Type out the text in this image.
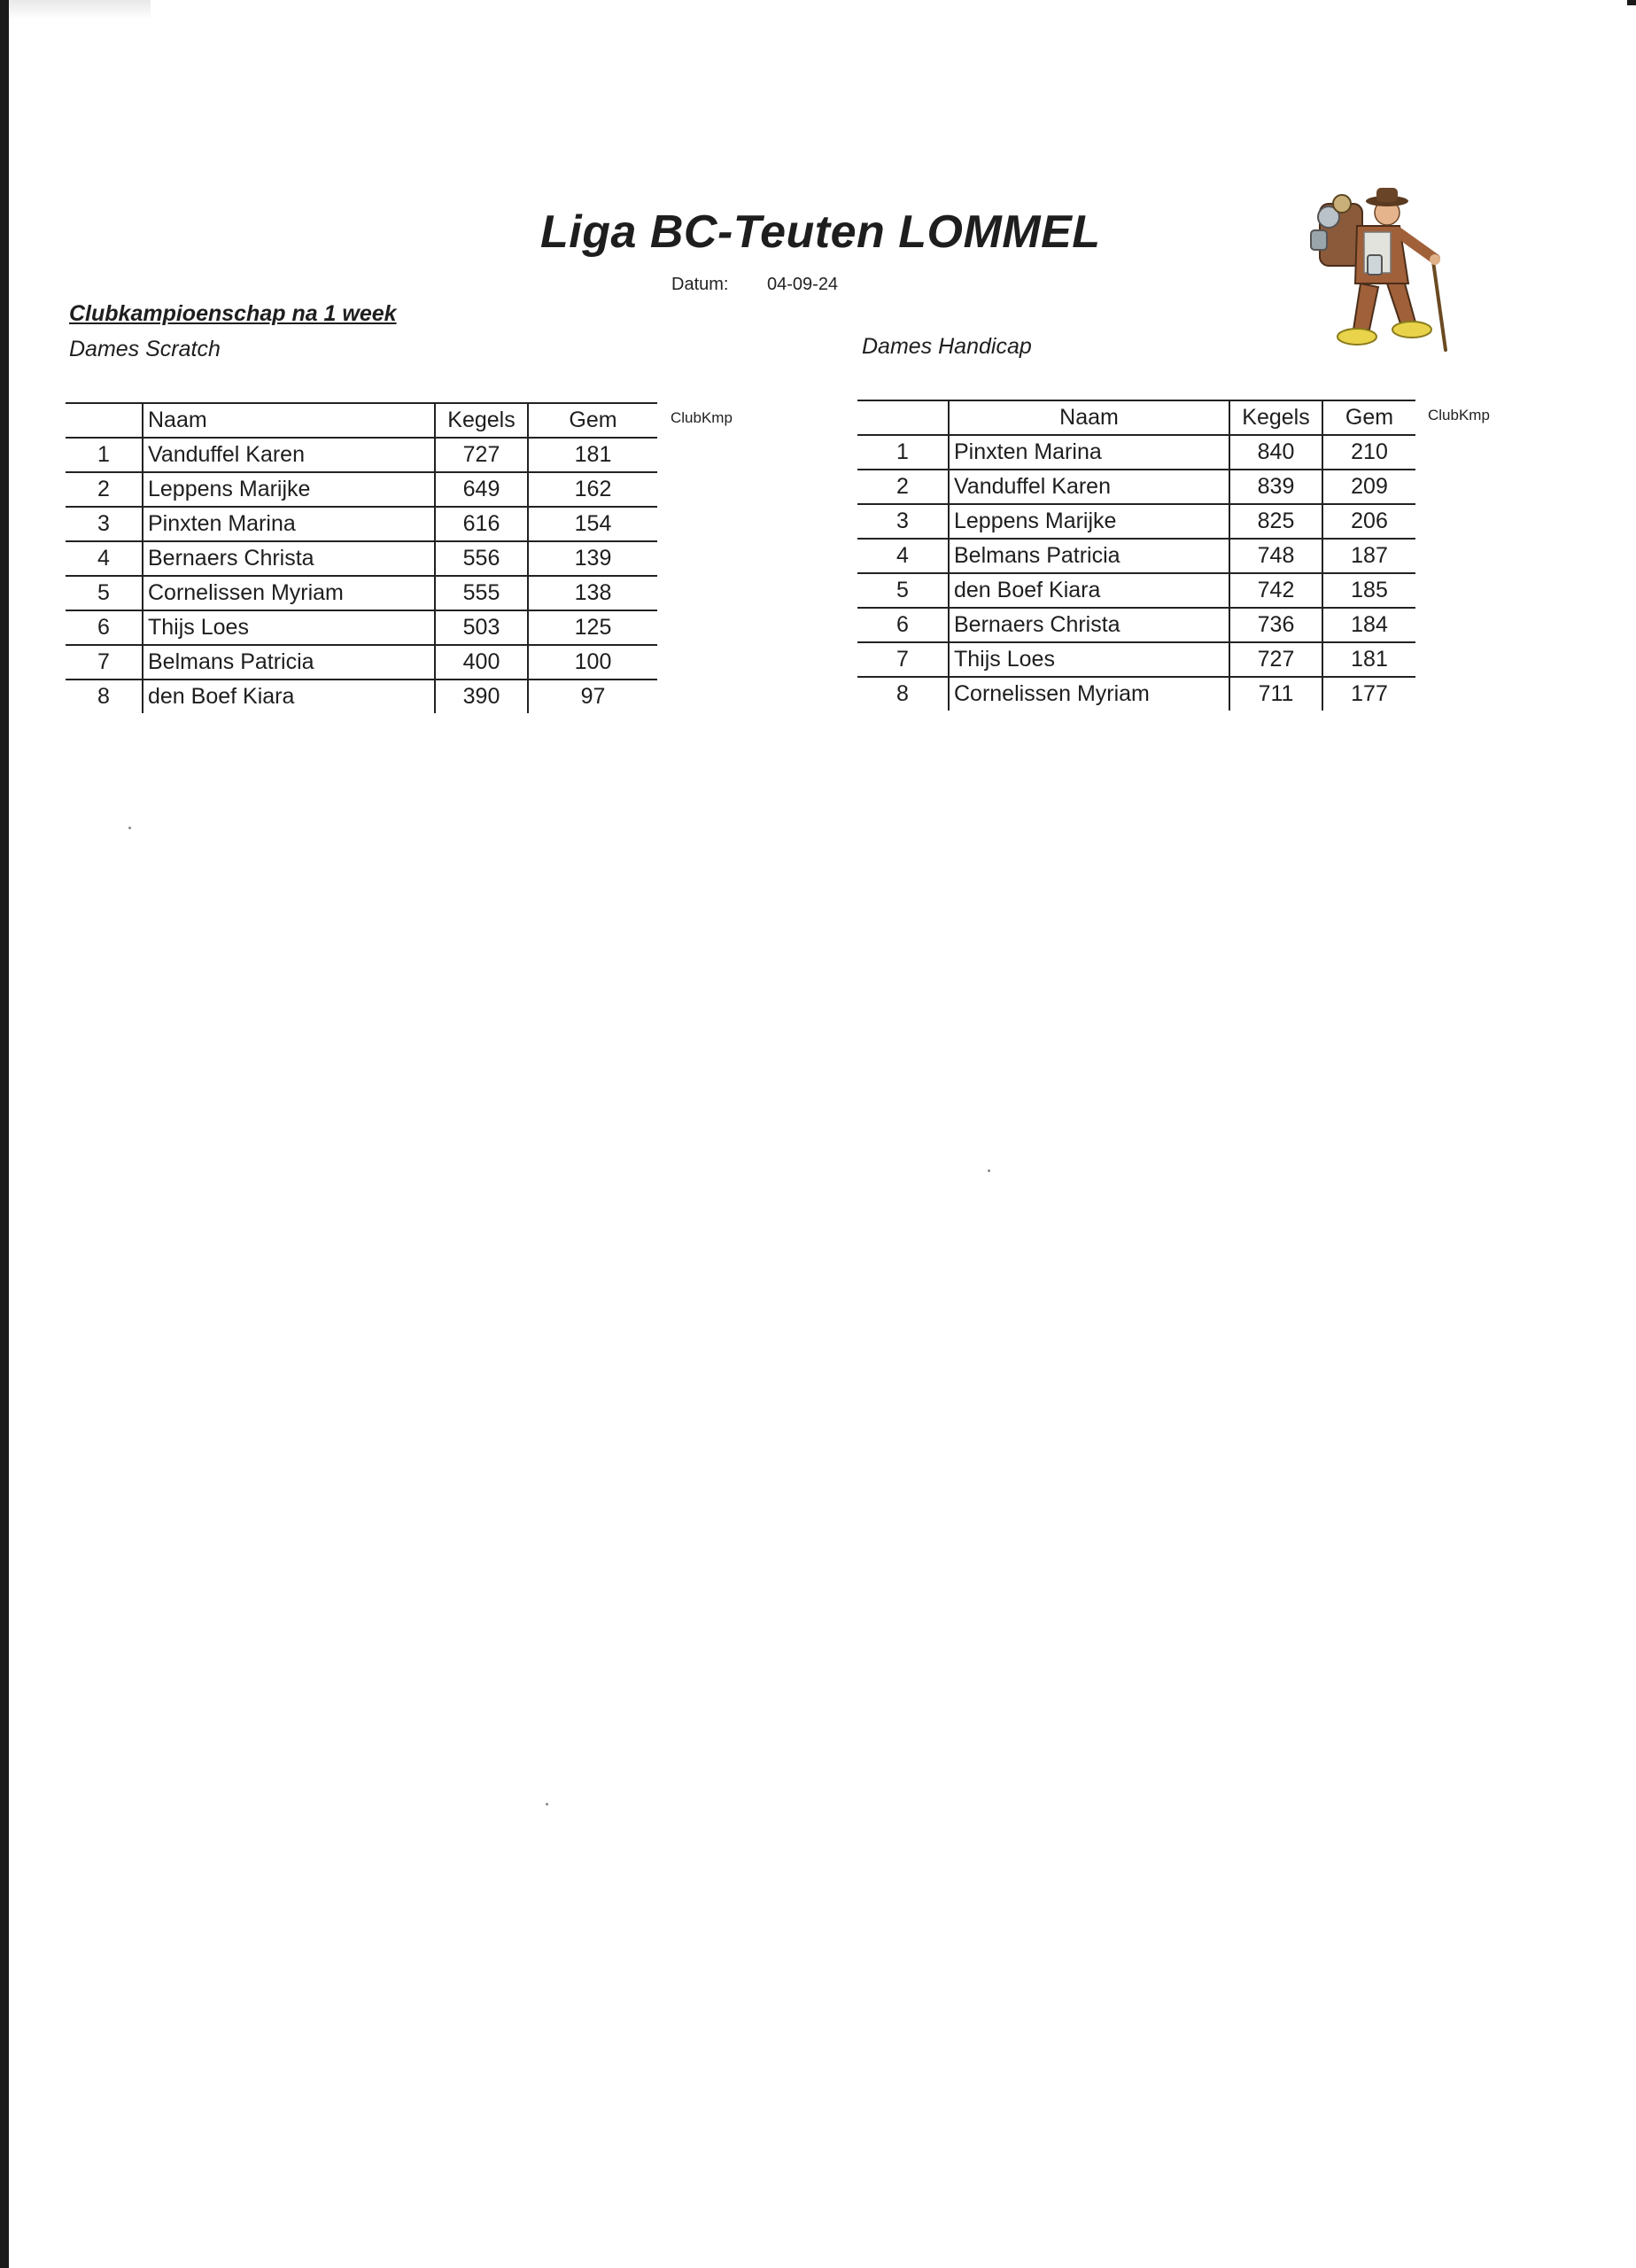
Liga BC-Teuten LOMMEL
Datum: 04-09-24
Clubkampioenschap na 1 week
Dames Scratch	Dames Handicap
	Naam	Kegels	Gem
1	Vanduffel Karen	727	181
2	Leppens Marijke	649	162
3	Pinxten Marina	616	154
4	Bernaers Christa	556	139
5	Cornelissen Myriam	555	138
6	Thijs Loes	503	125
7	Belmans Patricia	400	100
8	den Boef Kiara	390	97
ClubKmp
		Naam	Kegels	Gem
1	Pinxten Marina	840	210
2	Vanduffel Karen	839	209
3	Leppens Marijke	825	206
4	Belmans Patricia	748	187
5	den Boef Kiara	742	185
6	Bernaers Christa	736	184
7	Thijs Loes	727	181
8	Cornelissen Myriam	711	177
ClubKmp
